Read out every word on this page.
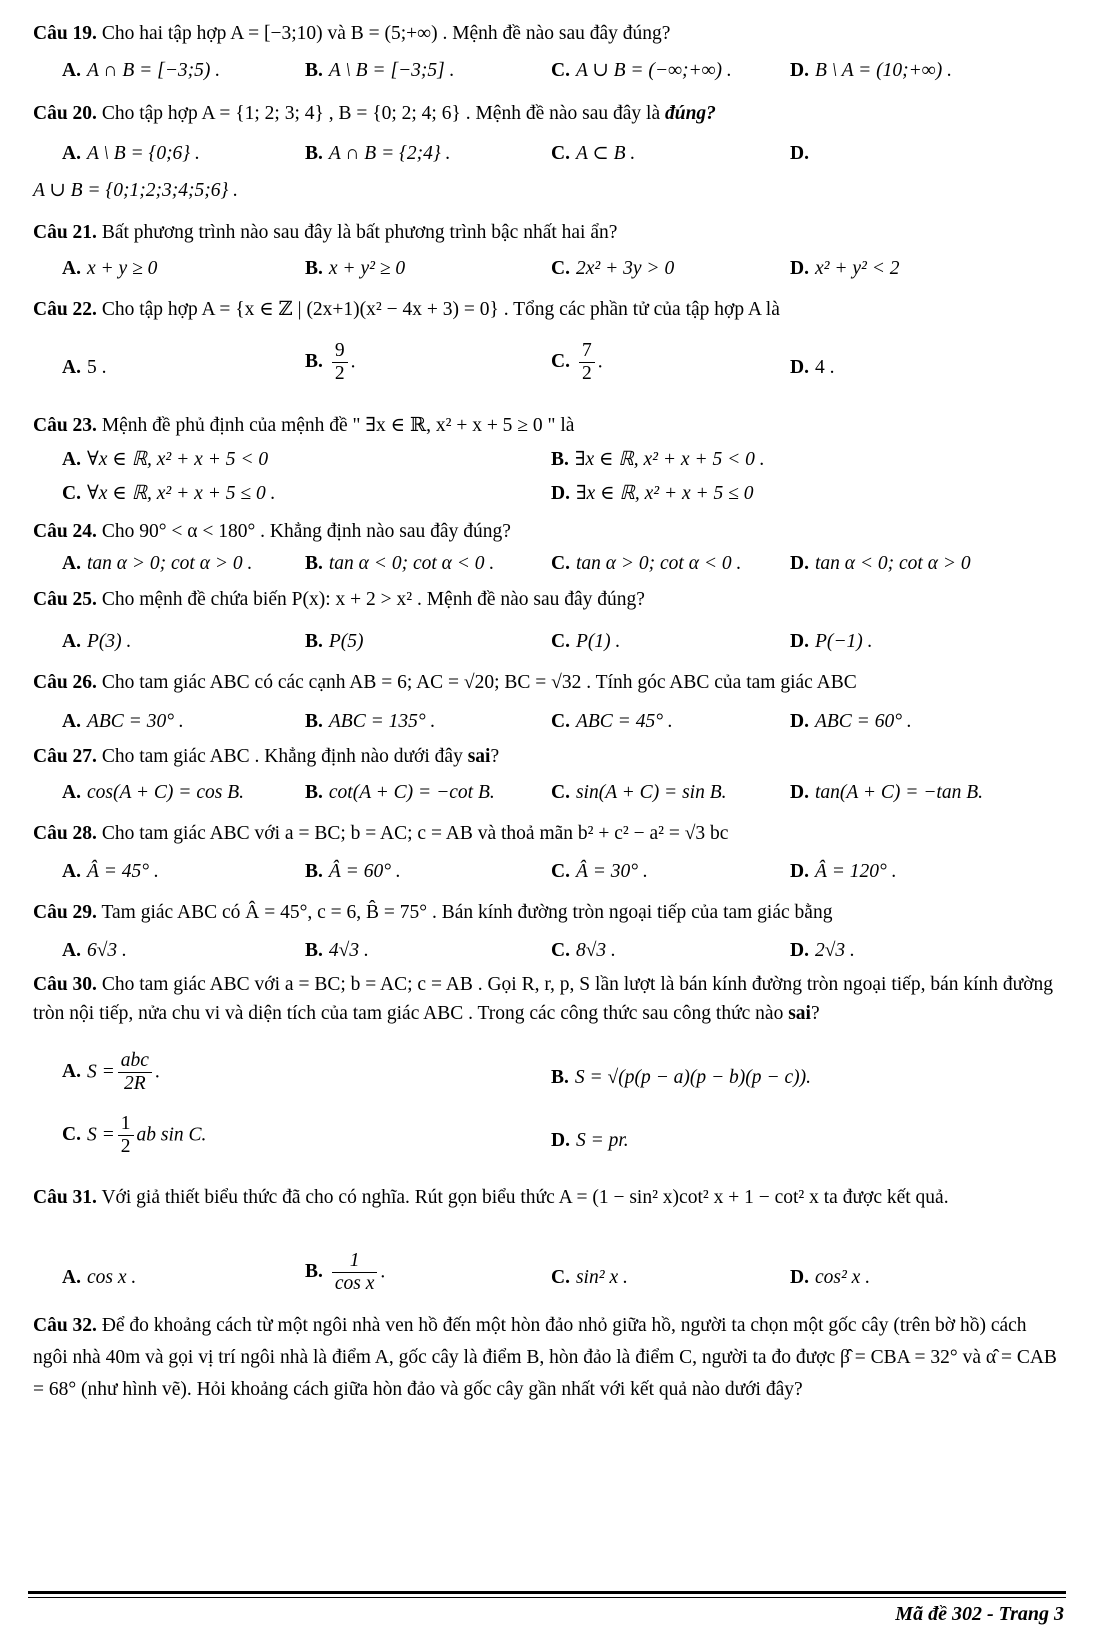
Câu 19. Cho hai tập hợp A = [−3;10) và B = (5;+∞) . Mệnh đề nào sau đây đúng?
A. A ∩ B = [−3;5) .	B. A \ B = [−3;5] .	C. A ∪ B = (−∞;+∞) .	D. B \ A = (10;+∞) .
Câu 20. Cho tập hợp A = {1; 2; 3; 4} , B = {0; 2; 4; 6} . Mệnh đề nào sau đây là đúng?
A. A \ B = {0;6} .	B. A ∩ B = {2;4} .	C. A ⊂ B .	D.
A ∪ B = {0;1;2;3;4;5;6} .
Câu 21. Bất phương trình nào sau đây là bất phương trình bậc nhất hai ẩn?
A. x + y ≥ 0	B. x + y² ≥ 0	C. 2x² + 3y > 0	D. x² + y² < 2
Câu 22. Cho tập hợp A = {x ∈ ℤ | (2x+1)(x² − 4x + 3) = 0} . Tổng các phần tử của tập hợp A là
A. 5 .	B. $\frac{9}{2}$ .	C. $\frac{7}{2}$ .	D. 4 .
Câu 23. Mệnh đề phủ định của mệnh đề " ∃x ∈ ℝ, x² + x + 5 ≥ 0 " là
A. ∀x ∈ ℝ, x² + x + 5 < 0	B. ∃x ∈ ℝ, x² + x + 5 < 0 .
C. ∀x ∈ ℝ, x² + x + 5 ≤ 0 .	D. ∃x ∈ ℝ, x² + x + 5 ≤ 0
Câu 24. Cho 90° < α < 180° . Khẳng định nào sau đây đúng?
A. tan α > 0; cot α > 0 .	B. tan α < 0; cot α < 0 .	C. tan α > 0; cot α < 0 . D. tan α < 0; cot α > 0
Câu 25. Cho mệnh đề chứa biến P(x): x + 2 > x² . Mệnh đề nào sau đây đúng?
A. P(3) .	B. P(5)	C. P(1) .	D. P(−1) .
Câu 26. Cho tam giác ABC có các cạnh AB = 6; AC = √20; BC = √32 . Tính góc ABC của tam giác ABC
A. ABC = 30° .	B. ABC = 135° .	C. ABC = 45° .	D. ABC = 60° .
Câu 27. Cho tam giác ABC . Khẳng định nào dưới đây sai?
A. cos(A + C) = cos B.	B. cot(A + C) = −cot B.	C. sin(A + C) = sin B.	D. tan(A + C) = −tan B.
Câu 28. Cho tam giác ABC với a = BC; b = AC; c = AB và thoả mãn b² + c² − a² = √3 bc
A. Â = 45° .	B. Â = 60° .	C. Â = 30° .	D. Â = 120° .
Câu 29. Tam giác ABC có Â = 45°, c = 6, B̂ = 75° . Bán kính đường tròn ngoại tiếp của tam giác bằng
A. 6√3 .	B. 4√3 .	C. 8√3 .	D. 2√3 .
Câu 30. Cho tam giác ABC với a = BC; b = AC; c = AB . Gọi R, r, p, S lần lượt là bán kính đường tròn ngoại tiếp, bán kính đường tròn nội tiếp, nửa chu vi và diện tích của tam giác ABC . Trong các công thức sau công thức nào sai?
A. $S = \frac{\text{abc}}{2R}$ .	B. S = √(p(p − a)(p − b)(p − c)).
C. $S = \frac{1}{2}$ ab sin C.	D. S = pr.
Câu 31. Với giả thiết biểu thức đã cho có nghĩa. Rút gọn biểu thức A = (1 − sin² x)cot² x + 1 − cot² x ta được kết quả.
A. cos x .	B. $\frac{1}{\text{cos x}}$ .	C. sin² x .	D. cos² x .
Câu 32. Để đo khoảng cách từ một ngôi nhà ven hồ đến một hòn đảo nhỏ giữa hồ, người ta chọn một gốc cây (trên bờ hồ) cách ngôi nhà 40m và gọi vị trí ngôi nhà là điểm A, gốc cây là điểm B, hòn đảo là điểm C, người ta đo được β̂ = CBA = 32° và α̂ = CAB = 68° (như hình vẽ). Hỏi khoảng cách giữa hòn đảo và gốc cây gần nhất với kết quả nào dưới đây?
Mã đề 302 - Trang 3
